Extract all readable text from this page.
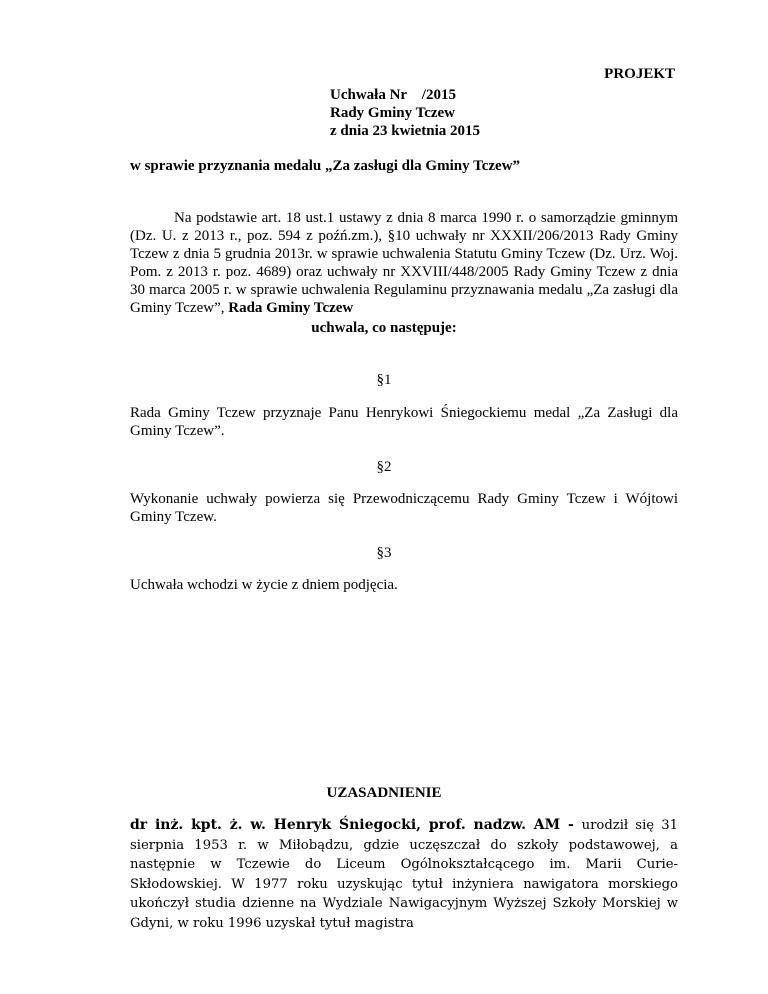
PROJEKT
Uchwała Nr    /2015
Rady Gminy Tczew
z dnia 23 kwietnia 2015
w sprawie przyznania medalu „Za zasługi dla Gminy Tczew”
Na podstawie art. 18 ust.1 ustawy z dnia 8 marca 1990 r. o samorządzie gminnym (Dz. U. z 2013 r., poz. 594 z poźń.zm.), §10 uchwały nr XXXII/206/2013 Rady Gminy Tczew z dnia 5 grudnia 2013r. w sprawie uchwalenia Statutu Gminy Tczew (Dz. Urz. Woj. Pom. z 2013 r. poz. 4689) oraz uchwały nr XXVIII/448/2005 Rady Gminy Tczew z dnia 30 marca 2005 r. w sprawie uchwalenia Regulaminu przyznawania medalu „Za zasługi dla Gminy Tczew”, Rada Gminy Tczew
uchwala, co następuje:
§1
Rada Gminy Tczew przyznaje Panu Henrykowi Śniegockiemu medal „Za Zasługi dla Gminy Tczew”.
§2
Wykonanie uchwały powierza się Przewodniczącemu Rady Gminy Tczew i Wójtowi Gminy Tczew.
§3
Uchwała wchodzi w życie z dniem podjęcia.
UZASADNIENIE
dr inż. kpt. ż. w. Henryk Śniegocki, prof. nadzw. AM - urodził się 31 sierpnia 1953 r. w Miłobądzu, gdzie uczęszczał do szkoły podstawowej, a następnie w Tczewie do Liceum Ogólnokształcącego im. Marii Curie-Skłodowskiej. W 1977 roku uzyskując tytuł inżyniera nawigatora morskiego ukończył studia dzienne na Wydziale Nawigacyjnym Wyższej Szkoły Morskiej w Gdyni, w roku 1996 uzyskał tytuł magistra
